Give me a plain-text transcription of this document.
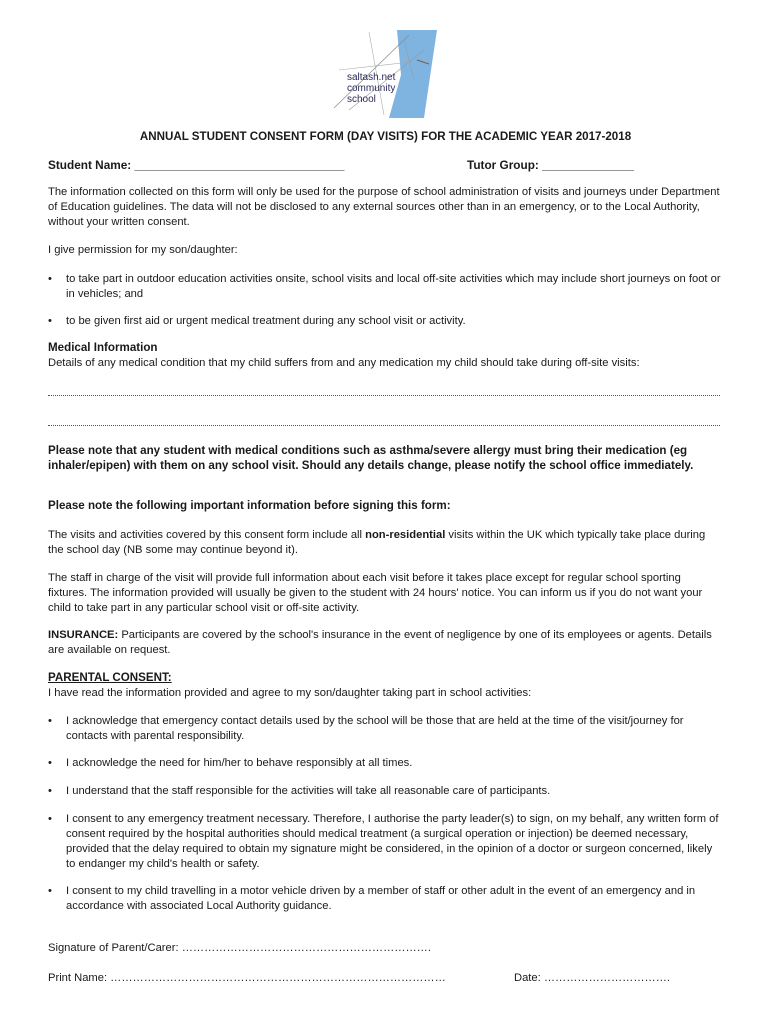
saltash.net
community
school
ANNUAL STUDENT CONSENT FORM (DAY VISITS) FOR THE ACADEMIC YEAR 2017-2018
Student Name: ________________________________	Tutor Group: ______________

The information collected on this form will only be used for the purpose of school administration of visits and journeys under Department of Education guidelines. The data will not be disclosed to any external sources other than in an emergency, or to the Local Authority, without your written consent.

I give permission for my son/daughter:

• to take part in outdoor education activities onsite, school visits and local off-site activities which may include short journeys on foot or in vehicles; and
• to be given first aid or urgent medical treatment during any school visit or activity.
Medical Information

Details of any medical condition that my child suffers from and any medication my child should take during off-site visits:

Please note that any student with medical conditions such as asthma/severe allergy must bring their medication (eg inhaler/epipen) with them on any school visit. Should any details change, please notify the school office immediately.

Please note the following important information before signing this form:

The visits and activities covered by this consent form include all non-residential visits within the UK which typically take place during the school day (NB some may continue beyond it).

The staff in charge of the visit will provide full information about each visit before it takes place except for regular school sporting fixtures. The information provided will usually be given to the student with 24 hours' notice. You can inform us if you do not want your child to take part in any particular school visit or off-site activity.

INSURANCE: Participants are covered by the school's insurance in the event of negligence by one of its employees or agents. Details are available on request.

PARENTAL CONSENT:

I have read the information provided and agree to my son/daughter taking part in school activities:

• I acknowledge that emergency contact details used by the school will be those that are held at the time of the visit/journey for contacts with parental responsibility.
• I acknowledge the need for him/her to behave responsibly at all times.
• I understand that the staff responsible for the activities will take all reasonable care of participants.
• I consent to any emergency treatment necessary. Therefore, I authorise the party leader(s) to sign, on my behalf, any written form of consent required by the hospital authorities should medical treatment (a surgical operation or injection) be deemed necessary, provided that the delay required to obtain my signature might be considered, in the opinion of a doctor or surgeon concerned, likely to endanger my child's health or safety.
• I consent to my child travelling in a motor vehicle driven by a member of staff or other adult in the event of an emergency and in accordance with associated Local Authority guidance.

Signature of Parent/Carer: ………………………………………………………….

Print Name: ………………………………………………………………………………	Date: …………………………….
